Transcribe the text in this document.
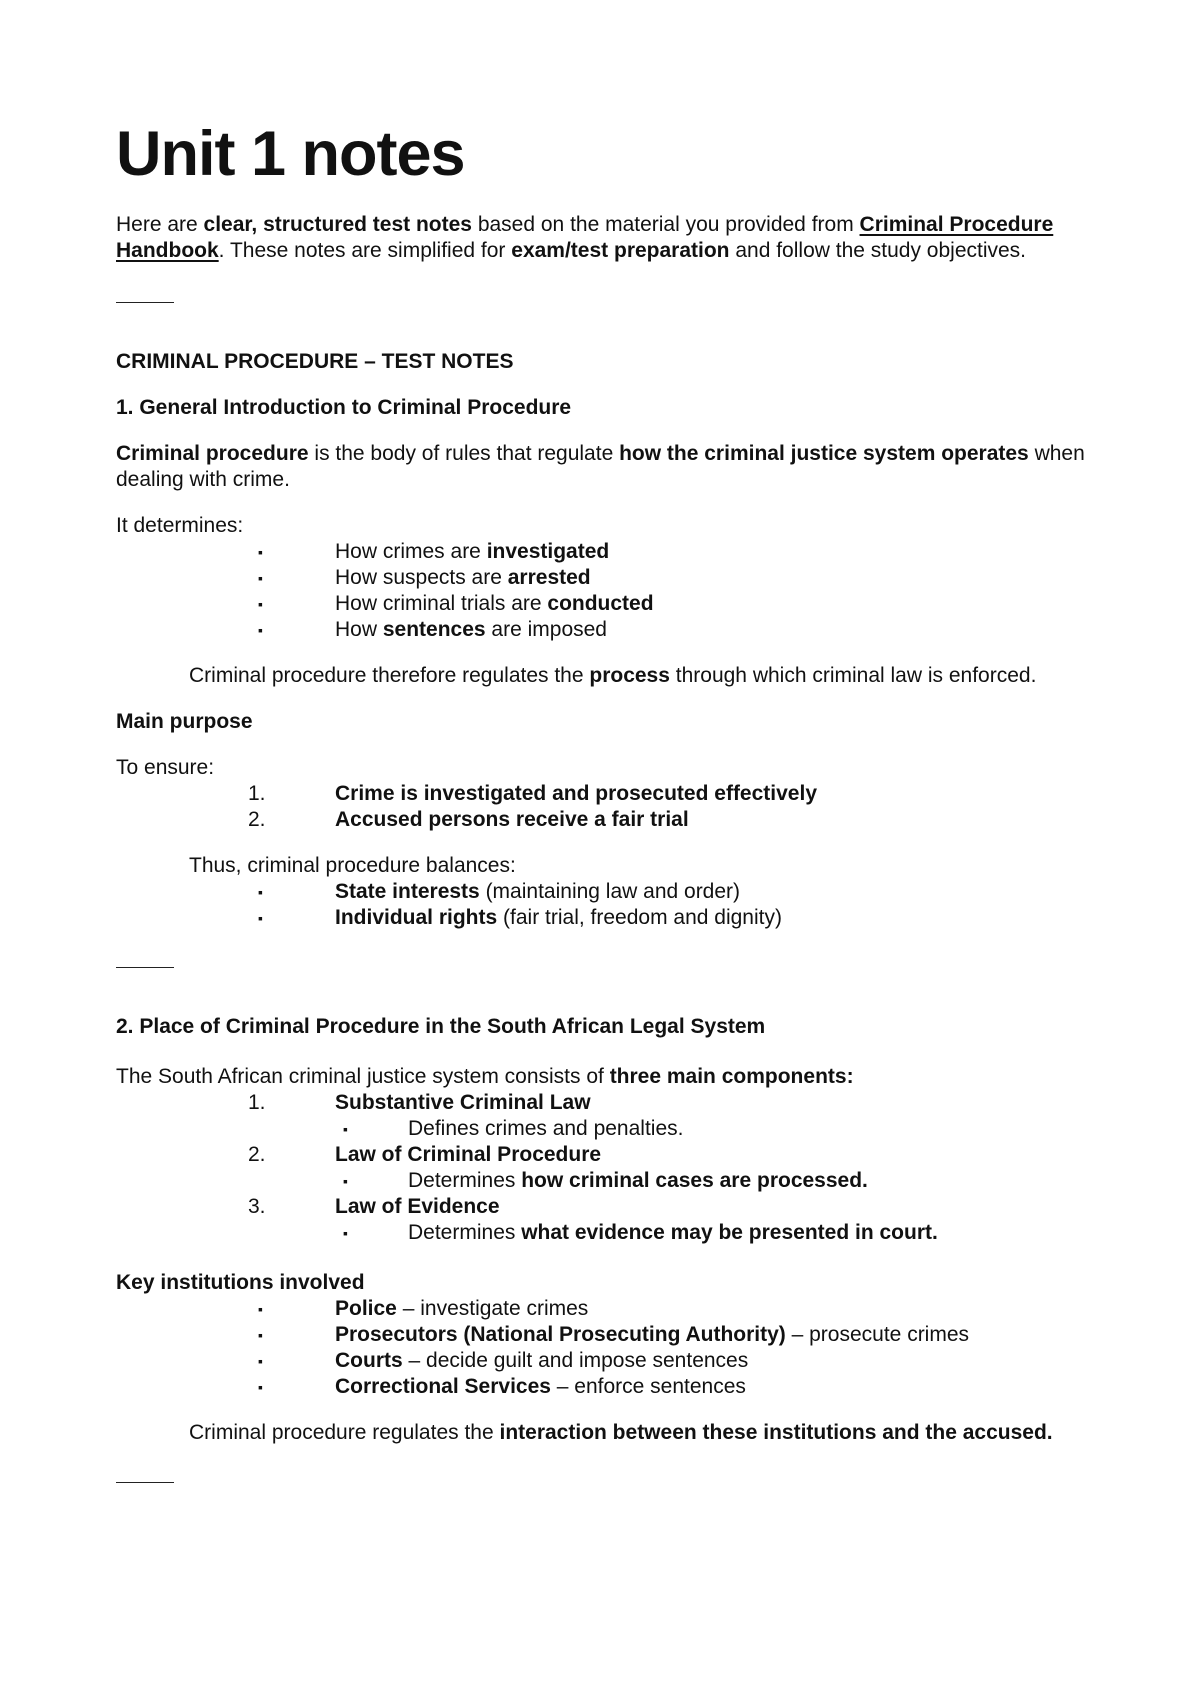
Unit 1 notes

Here are clear, structured test notes based on the material you provided from Criminal Procedure Handbook. These notes are simplified for exam/test preparation and follow the study objectives.

CRIMINAL PROCEDURE – TEST NOTES

1. General Introduction to Criminal Procedure

Criminal procedure is the body of rules that regulate how the criminal justice system operates when dealing with crime.

It determines:

▪	How crimes are investigated
▪	How suspects are arrested
▪	How criminal trials are conducted
▪	How sentences are imposed

Criminal procedure therefore regulates the process through which criminal law is enforced.

Main purpose

To ensure:

1.	Crime is investigated and prosecuted effectively
2.	Accused persons receive a fair trial

Thus, criminal procedure balances:

▪	State interests (maintaining law and order)
▪	Individual rights (fair trial, freedom and dignity)

2. Place of Criminal Procedure in the South African Legal System

The South African criminal justice system consists of three main components:

1.	Substantive Criminal Law
▪	Defines crimes and penalties.
2.	Law of Criminal Procedure
▪	Determines how criminal cases are processed.
3.	Law of Evidence
▪	Determines what evidence may be presented in court.

Key institutions involved

▪	Police – investigate crimes
▪	Prosecutors (National Prosecuting Authority) – prosecute crimes
▪	Courts – decide guilt and impose sentences
▪	Correctional Services – enforce sentences

Criminal procedure regulates the interaction between these institutions and the accused.
